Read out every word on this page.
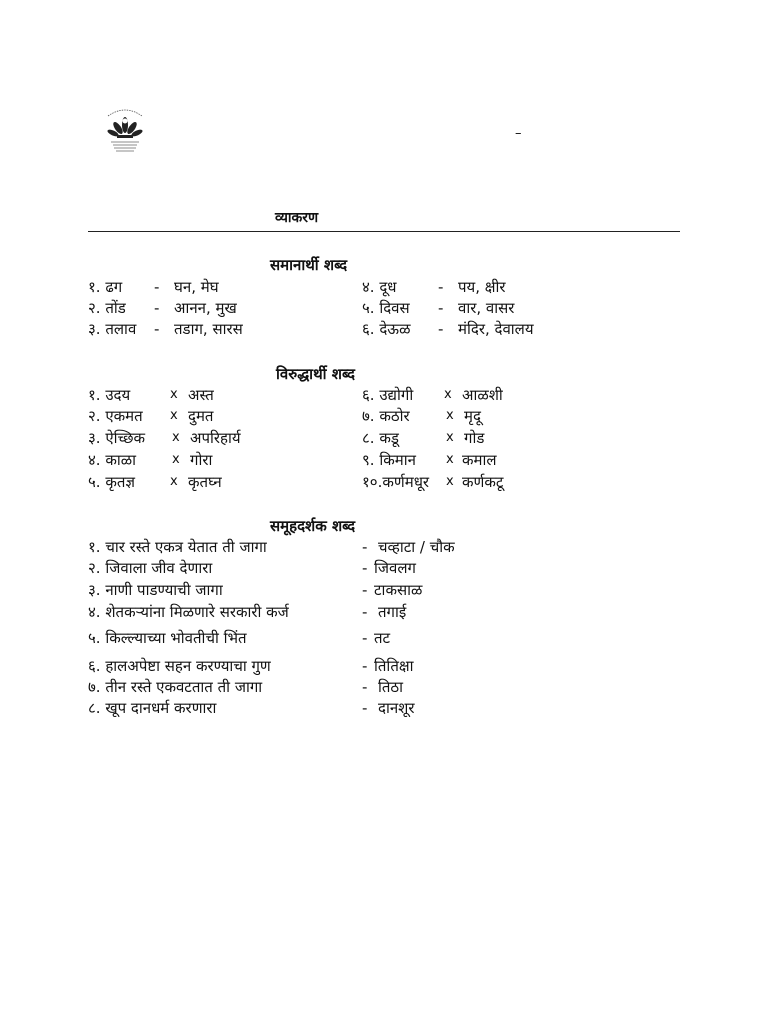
–
व्याकरण
समानार्थी शब्द
१. ढग - घन, मेघ
२. तोंड - आनन, मुख
३. तलाव - तडाग, सारस
४. दूध	- पय, क्षीर
५. दिवस - वार, वासर
६. देऊळ - मंदिर, देवालय
विरुद्धार्थी शब्द
१. उदय	x अस्त
२. एकमत x दुमत
३. ऐच्छिक x अपरिहार्य
४. काळा	x गोरा
५. कृतज्ञ	x कृतघ्न
६. उद्योगी x आळशी
७. कठोर	x मृदू
८. कडू	x गोड
९. किमान x कमाल
१०.कर्णमधूर x कर्णकटू
समूहदर्शक शब्द
१. चार रस्ते एकत्र येतात ती जागा	- चव्हाटा / चौक
२. जिवाला जीव देणारा	- जिवलग
३. नाणी पाडण्याची जागा	- टाकसाळ
४. शेतकऱ्यांना मिळणारे सरकारी कर्ज	- तगाई
५. किल्ल्याच्या भोवतीची भिंत	- तट
६. हालअपेष्टा सहन करण्याचा गुण	- तितिक्षा
७. तीन रस्ते एकवटतात ती जागा	- तिठा
८. खूप दानधर्म करणारा	- दानशूर
